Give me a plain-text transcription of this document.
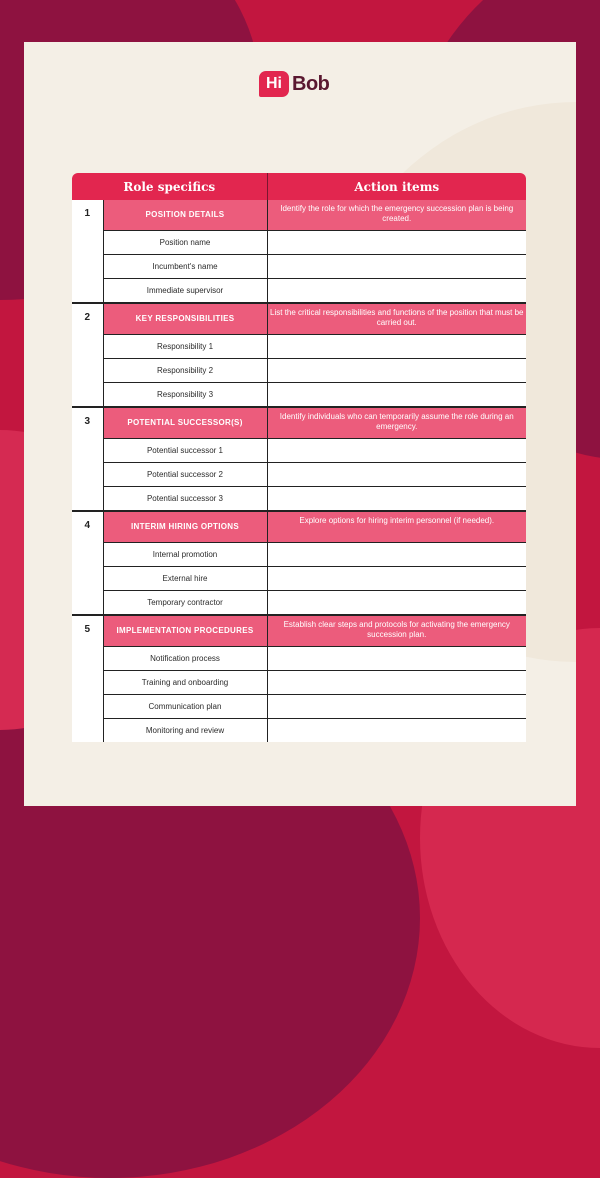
Hi Bob
Role specifics		Action items
1	POSITION DETAILS	Identify the role for which the emergency succession plan is being created.
	Position name	
	Incumbent's name	
	Immediate supervisor	
2	KEY RESPONSIBILITIES	List the critical responsibilities and functions of the position that must be carried out.
	Responsibility 1	
	Responsibility 2	
	Responsibility 3	
3	POTENTIAL SUCCESSOR(S)	Identify individuals who can temporarily assume the role during an emergency.
	Potential successor 1	
	Potential successor 2	
	Potential successor 3	
4	INTERIM HIRING OPTIONS	Explore options for hiring interim personnel (if needed).
	Internal promotion	
	External hire	
	Temporary contractor	
5	IMPLEMENTATION PROCEDURES	Establish clear steps and protocols for activating the emergency succession plan.
	Notification process	
	Training and onboarding	
	Communication plan	
	Monitoring and review	
